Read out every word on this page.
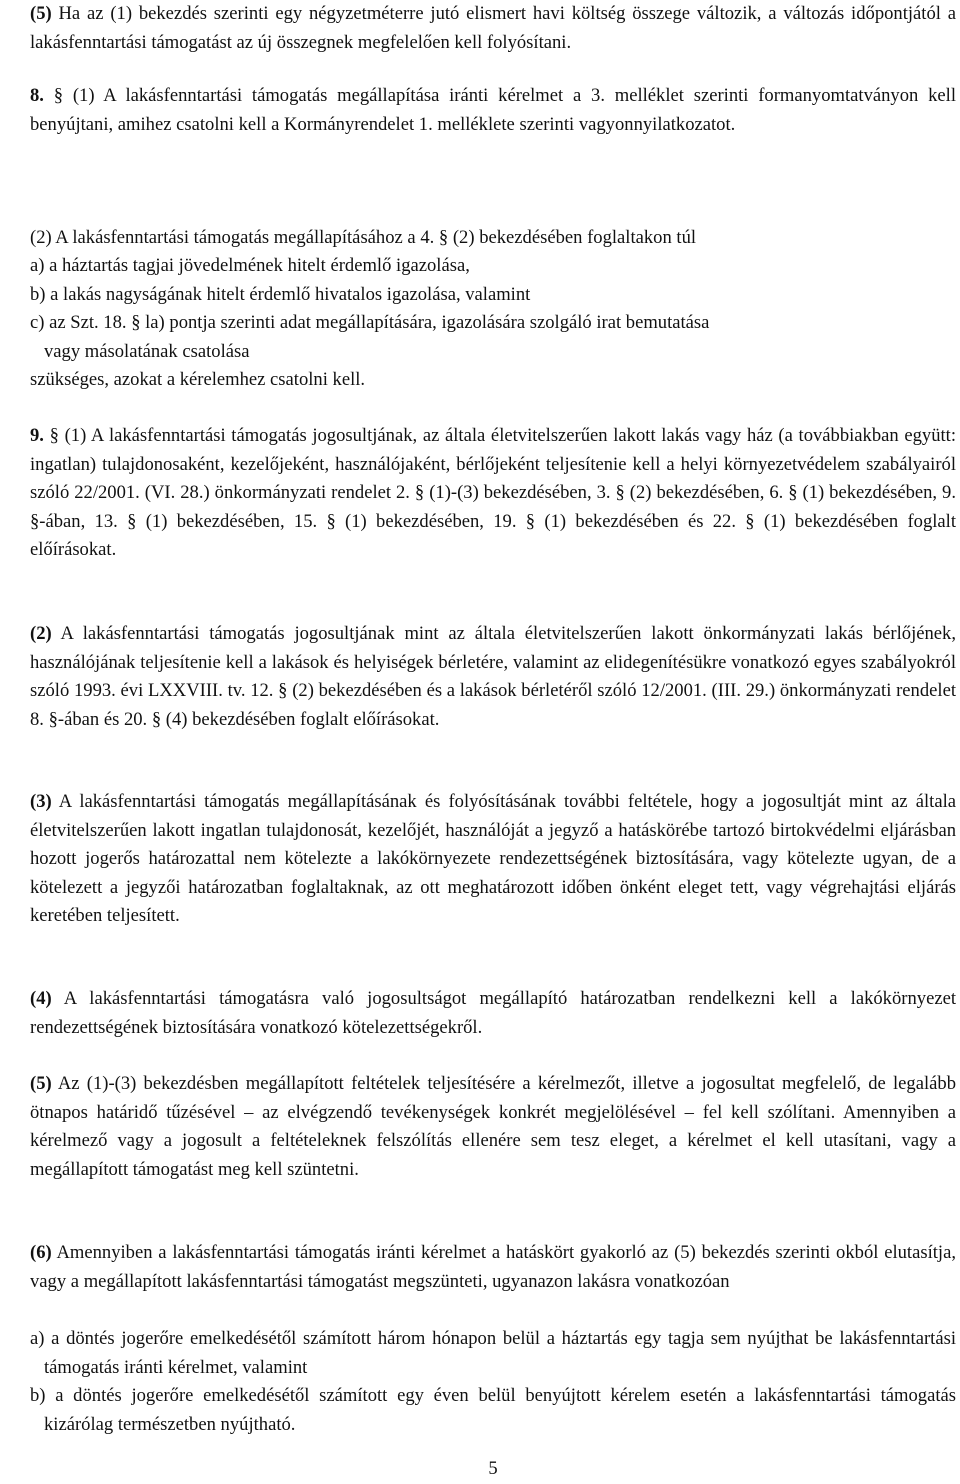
(5) Ha az (1) bekezdés szerinti egy négyzetméterre jutó elismert havi költség összege változik, a változás időpontjától a lakásfenntartási támogatást az új összegnek megfelelően kell folyósítani.

8. § (1) A lakásfenntartási támogatás megállapítása iránti kérelmet a 3. melléklet szerinti formanyomtatványon kell benyújtani, amihez csatolni kell a Kormányrendelet 1. melléklete szerinti vagyonnyilatkozatot.

(2) A lakásfenntartási támogatás megállapításához a 4. § (2) bekezdésében foglaltakon túl

a) a háztartás tagjai jövedelmének hitelt érdemlő igazolása,

b) a lakás nagyságának hitelt érdemlő hivatalos igazolása, valamint

c) az Szt. 18. § la) pontja szerinti adat megállapítására, igazolására szolgáló irat bemutatása

vagy másolatának csatolása

szükséges, azokat a kérelemhez csatolni kell.

9. § (1) A lakásfenntartási támogatás jogosultjának, az általa életvitelszerűen lakott lakás vagy ház (a továbbiakban együtt: ingatlan) tulajdonosaként, kezelőjeként, használójaként, bérlőjeként teljesítenie kell a helyi környezetvédelem szabályairól szóló 22/2001. (VI. 28.) önkormányzati rendelet 2. § (1)-(3) bekezdésében, 3. § (2) bekezdésében, 6. § (1) bekezdésében, 9. §-ában, 13. § (1) bekezdésében, 15. § (1) bekezdésében, 19. § (1) bekezdésében és 22. § (1) bekezdésében foglalt előírásokat.

(2) A lakásfenntartási támogatás jogosultjának mint az általa életvitelszerűen lakott önkormányzati lakás bérlőjének, használójának teljesítenie kell a lakások és helyiségek bérletére, valamint az elidegenítésükre vonatkozó egyes szabályokról szóló 1993. évi LXXVIII. tv. 12. § (2) bekezdésében és a lakások bérletéről szóló 12/2001. (III. 29.) önkormányzati rendelet 8. §-ában és 20. § (4) bekezdésében foglalt előírásokat.

(3) A lakásfenntartási támogatás megállapításának és folyósításának további feltétele, hogy a jogosultját mint az általa életvitelszerűen lakott ingatlan tulajdonosát, kezelőjét, használóját a jegyző a hatáskörébe tartozó birtokvédelmi eljárásban hozott jogerős határozattal nem kötelezte a lakókörnyezete rendezettségének biztosítására, vagy kötelezte ugyan, de a kötelezett a jegyzői határozatban foglaltaknak, az ott meghatározott időben önként eleget tett, vagy végrehajtási eljárás keretében teljesített.

(4) A lakásfenntartási támogatásra való jogosultságot megállapító határozatban rendelkezni kell a lakókörnyezet rendezettségének biztosítására vonatkozó kötelezettségekről.

(5) Az (1)-(3) bekezdésben megállapított feltételek teljesítésére a kérelmezőt, illetve a jogosultat megfelelő, de legalább ötnapos határidő tűzésével – az elvégzendő tevékenységek konkrét megjelölésével – fel kell szólítani. Amennyiben a kérelmező vagy a jogosult a feltételeknek felszólítás ellenére sem tesz eleget, a kérelmet el kell utasítani, vagy a megállapított támogatást meg kell szüntetni.

(6) Amennyiben a lakásfenntartási támogatás iránti kérelmet a hatáskört gyakorló az (5) bekezdés szerinti okból elutasítja, vagy a megállapított lakásfenntartási támogatást megszünteti, ugyanazon lakásra vonatkozóan

a) a döntés jogerőre emelkedésétől számított három hónapon belül a háztartás egy tagja sem nyújthat be lakásfenntartási támogatás iránti kérelmet, valamint

b) a döntés jogerőre emelkedésétől számított egy éven belül benyújtott kérelem esetén a lakásfenntartási támogatás kizárólag természetben nyújtható.

5
